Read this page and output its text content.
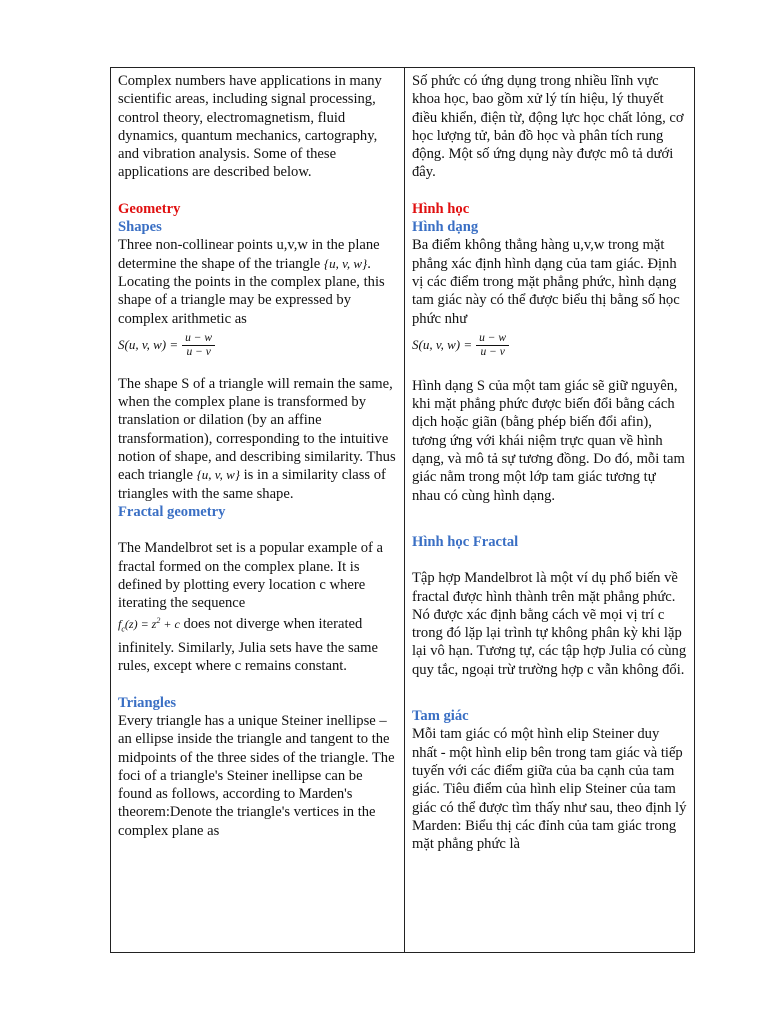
Complex numbers have applications in many scientific areas, including signal processing, control theory, electromagnetism, fluid dynamics, quantum mechanics, cartography, and vibration analysis. Some of these applications are described below.

Geometry

Shapes

Three non-collinear points u,v,w in the plane determine the shape of the triangle {u, v, w}. Locating the points in the complex plane, this shape of a triangle may be expressed by complex arithmetic as

S(u, v, $w) = \frac{u - w}{u - v}$

The shape S of a triangle will remain the same, when the complex plane is transformed by translation or dilation (by an affine transformation), corresponding to the intuitive notion of shape, and describing similarity. Thus each triangle {u, v, w} is in a similarity class of triangles with the same shape.

Fractal geometry

The Mandelbrot set is a popular example of a fractal formed on the complex plane. It is defined by plotting every location c where iterating the sequence
$f_c(z) = z^2 + c$ does not diverge when iterated infinitely. Similarly, Julia sets have the same rules, except where c remains constant.

Triangles

Every triangle has a unique Steiner inellipse – an ellipse inside the triangle and tangent to the midpoints of the three sides of the triangle. The foci of a triangle's Steiner inellipse can be found as follows, according to Marden's theorem:Denote the triangle's vertices in the complex plane as

Số phức có ứng dụng trong nhiều lĩnh vực khoa học, bao gồm xử lý tín hiệu, lý thuyết điều khiển, điện từ, động lực học chất lỏng, cơ học lượng tử, bản đồ học và phân tích rung động. Một số ứng dụng này được mô tả dưới đây.

Hình học

Hình dạng

Ba điểm không thẳng hàng u,v,w trong mặt phẳng xác định hình dạng của tam giác. Định vị các điểm trong mặt phẳng phức, hình dạng tam giác này có thể được biểu thị bằng số học phức như

S(u, v, $w) = \frac{u - w}{u - v}$

Hình dạng S của một tam giác sẽ giữ nguyên, khi mặt phẳng phức được biến đổi bằng cách dịch hoặc giãn (bằng phép biến đổi afin), tương ứng với khái niệm trực quan về hình dạng, và mô tả sự tương đồng. Do đó, mỗi tam giác nằm trong một lớp tam giác tương tự nhau có cùng hình dạng.

Hình học Fractal

Tập hợp Mandelbrot là một ví dụ phổ biến về fractal được hình thành trên mặt phẳng phức. Nó được xác định bằng cách vẽ mọi vị trí c trong đó lặp lại trình tự không phân kỳ khi lặp lại vô hạn. Tương tự, các tập hợp Julia có cùng quy tắc, ngoại trừ trường hợp c vẫn không đổi.

Tam giác

Mỗi tam giác có một hình elip Steiner duy nhất - một hình elip bên trong tam giác và tiếp tuyến với các điểm giữa của ba cạnh của tam giác. Tiêu điểm của hình elip Steiner của tam giác có thể được tìm thấy như sau, theo định lý Marden: Biểu thị các đỉnh của tam giác trong mặt phẳng phức là
